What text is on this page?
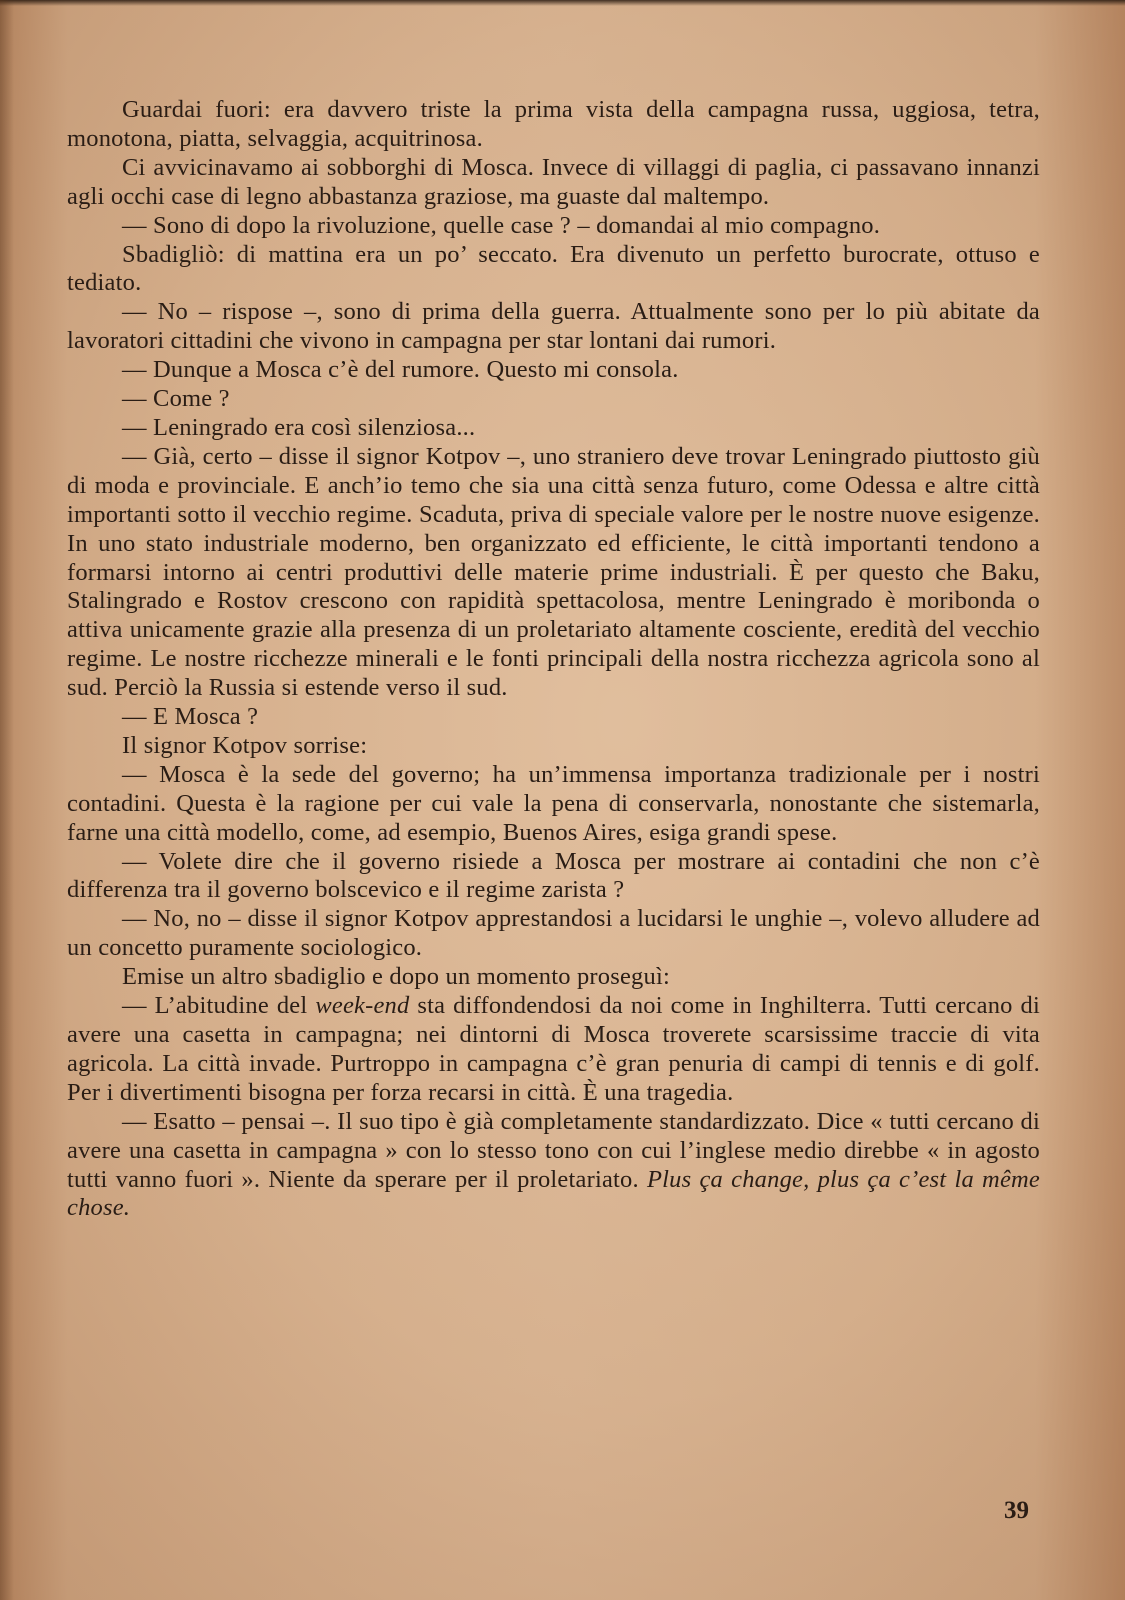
Guardai fuori: era davvero triste la prima vista della campagna russa, uggiosa, tetra, monotona, piatta, selvaggia, acquitrinosa.

Ci avvicinavamo ai sobborghi di Mosca. Invece di villaggi di paglia, ci passavano innanzi agli occhi case di legno abbastanza graziose, ma guaste dal maltempo.

— Sono di dopo la rivoluzione, quelle case ? – domandai al mio compagno.

Sbadigliò: di mattina era un po’ seccato. Era divenuto un perfetto burocrate, ottuso e tediato.

— No – rispose –, sono di prima della guerra. Attualmente sono per lo più abitate da lavoratori cittadini che vivono in campagna per star lontani dai rumori.

— Dunque a Mosca c’è del rumore. Questo mi consola.

— Come ?

— Leningrado era così silenziosa...

— Già, certo – disse il signor Kotpov –, uno straniero deve trovar Leningrado piuttosto giù di moda e provinciale. E anch’io temo che sia una città senza futuro, come Odessa e altre città importanti sotto il vecchio regime. Scaduta, priva di speciale valore per le nostre nuove esigenze. In uno stato industriale moderno, ben organizzato ed efficiente, le città importanti tendono a formarsi intorno ai centri produttivi delle materie prime industriali. È per questo che Baku, Stalingrado e Rostov crescono con rapidità spettacolosa, mentre Leningrado è moribonda o attiva unicamente grazie alla presenza di un proletariato altamente cosciente, eredità del vecchio regime. Le nostre ricchezze minerali e le fonti principali della nostra ricchezza agricola sono al sud. Perciò la Russia si estende verso il sud.

— E Mosca ?

Il signor Kotpov sorrise:

— Mosca è la sede del governo; ha un’immensa importanza tradizionale per i nostri contadini. Questa è la ragione per cui vale la pena di conservarla, nonostante che sistemarla, farne una città modello, come, ad esempio, Buenos Aires, esiga grandi spese.

— Volete dire che il governo risiede a Mosca per mostrare ai contadini che non c’è differenza tra il governo bolscevico e il regime zarista ?

— No, no – disse il signor Kotpov apprestandosi a lucidarsi le unghie –, volevo alludere ad un concetto puramente sociologico.

Emise un altro sbadiglio e dopo un momento proseguì:

— L’abitudine del week-end sta diffondendosi da noi come in Inghilterra. Tutti cercano di avere una casetta in campagna; nei dintorni di Mosca troverete scarsissime traccie di vita agricola. La città invade. Purtroppo in campagna c’è gran penuria di campi di tennis e di golf. Per i divertimenti bisogna per forza recarsi in città. È una tragedia.

— Esatto – pensai –. Il suo tipo è già completamente standardizzato. Dice « tutti cercano di avere una casetta in campagna » con lo stesso tono con cui l’inglese medio direbbe « in agosto tutti vanno fuori ». Niente da sperare per il proletariato. Plus ça change, plus ça c’est la même chose.

39
